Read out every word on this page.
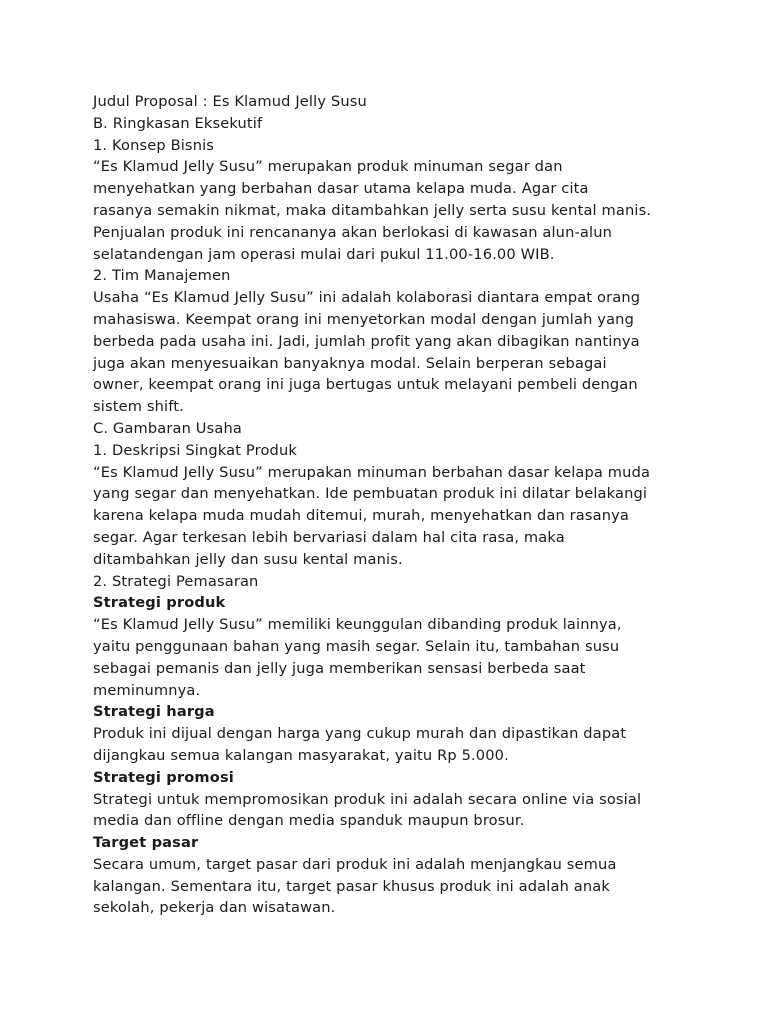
Judul Proposal : Es Klamud Jelly Susu
B. Ringkasan Eksekutif
1. Konsep Bisnis
“Es Klamud Jelly Susu” merupakan produk minuman segar dan
menyehatkan yang berbahan dasar utama kelapa muda. Agar cita
rasanya semakin nikmat, maka ditambahkan jelly serta susu kental manis.
Penjualan produk ini rencananya akan berlokasi di kawasan alun-alun
selatandengan jam operasi mulai dari pukul 11.00-16.00 WIB.
2. Tim Manajemen
Usaha “Es Klamud Jelly Susu” ini adalah kolaborasi diantara empat orang
mahasiswa. Keempat orang ini menyetorkan modal dengan jumlah yang
berbeda pada usaha ini. Jadi, jumlah profit yang akan dibagikan nantinya
juga akan menyesuaikan banyaknya modal. Selain berperan sebagai
owner, keempat orang ini juga bertugas untuk melayani pembeli dengan
sistem shift.
C. Gambaran Usaha
1. Deskripsi Singkat Produk
“Es Klamud Jelly Susu” merupakan minuman berbahan dasar kelapa muda
yang segar dan menyehatkan. Ide pembuatan produk ini dilatar belakangi
karena kelapa muda mudah ditemui, murah, menyehatkan dan rasanya
segar. Agar terkesan lebih bervariasi dalam hal cita rasa, maka
ditambahkan jelly dan susu kental manis.
2. Strategi Pemasaran
Strategi produk
“Es Klamud Jelly Susu” memiliki keunggulan dibanding produk lainnya,
yaitu penggunaan bahan yang masih segar. Selain itu, tambahan susu
sebagai pemanis dan jelly juga memberikan sensasi berbeda saat
meminumnya.
Strategi harga
Produk ini dijual dengan harga yang cukup murah dan dipastikan dapat
dijangkau semua kalangan masyarakat, yaitu Rp 5.000.
Strategi promosi
Strategi untuk mempromosikan produk ini adalah secara online via sosial
media dan offline dengan media spanduk maupun brosur.
Target pasar
Secara umum, target pasar dari produk ini adalah menjangkau semua
kalangan. Sementara itu, target pasar khusus produk ini adalah anak
sekolah, pekerja dan wisatawan.
